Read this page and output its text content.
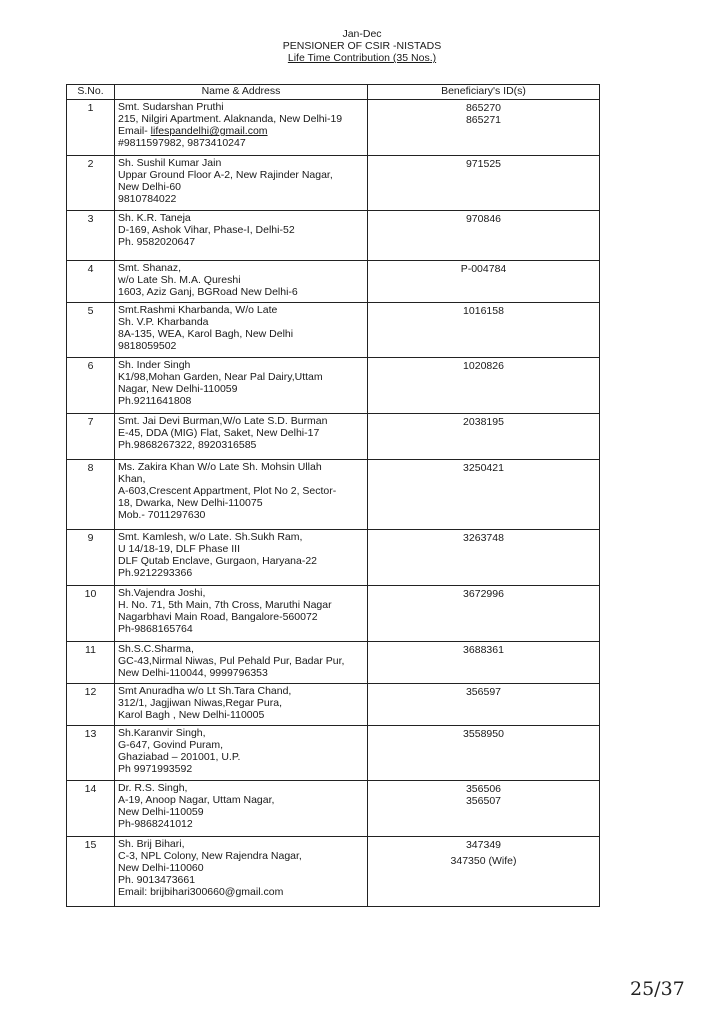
Jan-Dec
PENSIONER OF CSIR -NISTADS
Life Time Contribution (35 Nos.)
S.No.	Name & Address	Beneficiary's ID(s)
1	Smt. Sudarshan Pruthi
215, Nilgiri Apartment. Alaknanda, New Delhi-19
Email- lifespandelhi@gmail.com
#9811597982, 9873410247	865270
865271

2	Sh. Sushil Kumar Jain
Uppar Ground Floor A-2, New Rajinder Nagar,
New Delhi-60
9810784022	971525

3	Sh. K.R. Taneja
D-169, Ashok Vihar, Phase-I, Delhi-52
Ph. 9582020647	970846

4	Smt. Shanaz,
w/o Late Sh. M.A. Qureshi
1603, Aziz Ganj, BGRoad New Delhi-6	P-004784

5	Smt.Rashmi Kharbanda, W/o Late
Sh. V.P. Kharbanda
8A-135, WEA, Karol Bagh, New Delhi
9818059502	1016158

6	Sh. Inder Singh
K1/98,Mohan Garden, Near Pal Dairy,Uttam
Nagar, New Delhi-110059
Ph.9211641808	1020826

7	Smt. Jai Devi Burman,W/o Late S.D. Burman
E-45, DDA (MIG) Flat, Saket, New Delhi-17
Ph.9868267322, 8920316585	2038195

8	Ms. Zakira Khan W/o Late Sh. Mohsin Ullah
Khan,
A-603,Crescent Appartment, Plot No 2, Sector-
18, Dwarka, New Delhi-110075
Mob.- 7011297630	3250421

9	Smt. Kamlesh, w/o Late. Sh.Sukh Ram,
U 14/18-19, DLF Phase III
DLF Qutab Enclave, Gurgaon, Haryana-22
Ph.9212293366	3263748

10	Sh.Vajendra Joshi,
H. No. 71, 5th Main, 7th Cross, Maruthi Nagar
Nagarbhavi Main Road, Bangalore-560072
Ph-9868165764	3672996

11	Sh.S.C.Sharma,
GC-43,Nirmal Niwas, Pul Pehald Pur, Badar Pur,
New Delhi-110044, 9999796353	3688361

12	Smt Anuradha w/o Lt Sh.Tara Chand,
312/1, Jagjiwan Niwas,Regar Pura,
Karol Bagh , New Delhi-110005	356597

13	Sh.Karanvir Singh,
G-647, Govind Puram,
Ghaziabad – 201001, U.P.
Ph 9971993592	3558950

14	Dr. R.S. Singh,
A-19, Anoop Nagar, Uttam Nagar,
New Delhi-110059
Ph-9868241012	356506
356507

15	Sh. Brij Bihari,
C-3, NPL Colony, New Rajendra Nagar,
New Delhi-110060
Ph. 9013473661
Email: brijbihari300660@gmail.com	347349
347350 (Wife)
25/37
